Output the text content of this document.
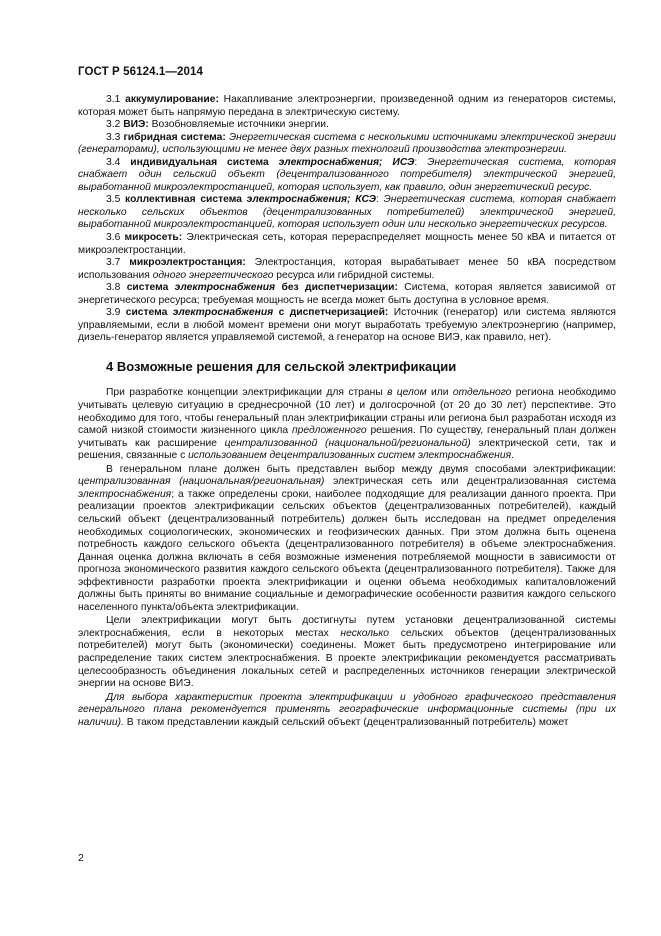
ГОСТ Р 56124.1—2014

3.1 аккумулирование: Накапливание электроэнергии, произведенной одним из генераторов системы, которая может быть напрямую передана в электрическую систему.

3.2 ВИЭ: Возобновляемые источники энергии.

3.3 гибридная система: Энергетическая система с несколькими источниками электрической энергии (генераторами), использующими не менее двух разных технологий производства электроэнергии.

3.4 индивидуальная система электроснабжения; ИСЭ: Энергетическая система, которая снабжает один сельский объект (децентрализованного потребителя) электрической энергией, выработанной микроэлектростанцией, которая использует, как правило, один энергетический ресурс.

3.5 коллективная система электроснабжения; КСЭ: Энергетическая система, которая снабжает несколько сельских объектов (децентрализованных потребителей) электрической энергией, выработанной микроэлектростанцией, которая использует один или несколько энергетических ресурсов.

3.6 микросеть: Электрическая сеть, которая перераспределяет мощность менее 50 кВА и питается от микроэлектростанции.

3.7 микроэлектростанция: Электростанция, которая вырабатывает менее 50 кВА посредством использования одного энергетического ресурса или гибридной системы.

3.8 система электроснабжения без диспетчеризации: Система, которая является зависимой от энергетического ресурса; требуемая мощность не всегда может быть доступна в условное время.

3.9 система электроснабжения с диспетчеризацией: Источник (генератор) или система являются управляемыми, если в любой момент времени они могут выработать требуемую электроэнергию (например, дизель-генератор является управляемой системой, а генератор на основе ВИЭ, как правило, нет).

4 Возможные решения для сельской электрификации

При разработке концепции электрификации для страны в целом или отдельного региона необходимо учитывать целевую ситуацию в среднесрочной (10 лет) и долгосрочной (от 20 до 30 лет) перспективе. Это необходимо для того, чтобы генеральный план электрификации страны или региона был разработан исходя из самой низкой стоимости жизненного цикла предложенного решения. По существу, генеральный план должен учитывать как расширение централизованной (национальной/региональной) электрической сети, так и решения, связанные с использованием децентрализованных систем электроснабжения.

В генеральном плане должен быть представлен выбор между двумя способами электрификации: централизованная (национальная/региональная) электрическая сеть или децентрализованная система электроснабжения; а также определены сроки, наиболее подходящие для реализации данного проекта. При реализации проектов электрификации сельских объектов (децентрализованных потребителей), каждый сельский объект (децентрализованный потребитель) должен быть исследован на предмет определения необходимых социологических, экономических и геофизических данных. При этом должна быть оценена потребность каждого сельского объекта (децентрализованного потребителя) в объеме электроснабжения. Данная оценка должна включать в себя возможные изменения потребляемой мощности в зависимости от прогноза экономического развития каждого сельского объекта (децентрализованного потребителя). Также для эффективности разработки проекта электрификации и оценки объема необходимых капиталовложений должны быть приняты во внимание социальные и демографические особенности развития каждого сельского населенного пункта/объекта электрификации.

Цели электрификации могут быть достигнуты путем установки децентрализованной системы электроснабжения, если в некоторых местах несколько сельских объектов (децентрализованных потребителей) могут быть (экономически) соединены. Может быть предусмотрено интегрирование или распределение таких систем электроснабжения. В проекте электрификации рекомендуется рассматривать целесообразность объединения локальных сетей и распределенных источников генерации электрической энергии на основе ВИЭ.

Для выбора характеристик проекта электрификации и удобного графического представления генерального плана рекомендуется применять географические информационные системы (при их наличии). В таком представлении каждый сельский объект (децентрализованный потребитель) может

2
